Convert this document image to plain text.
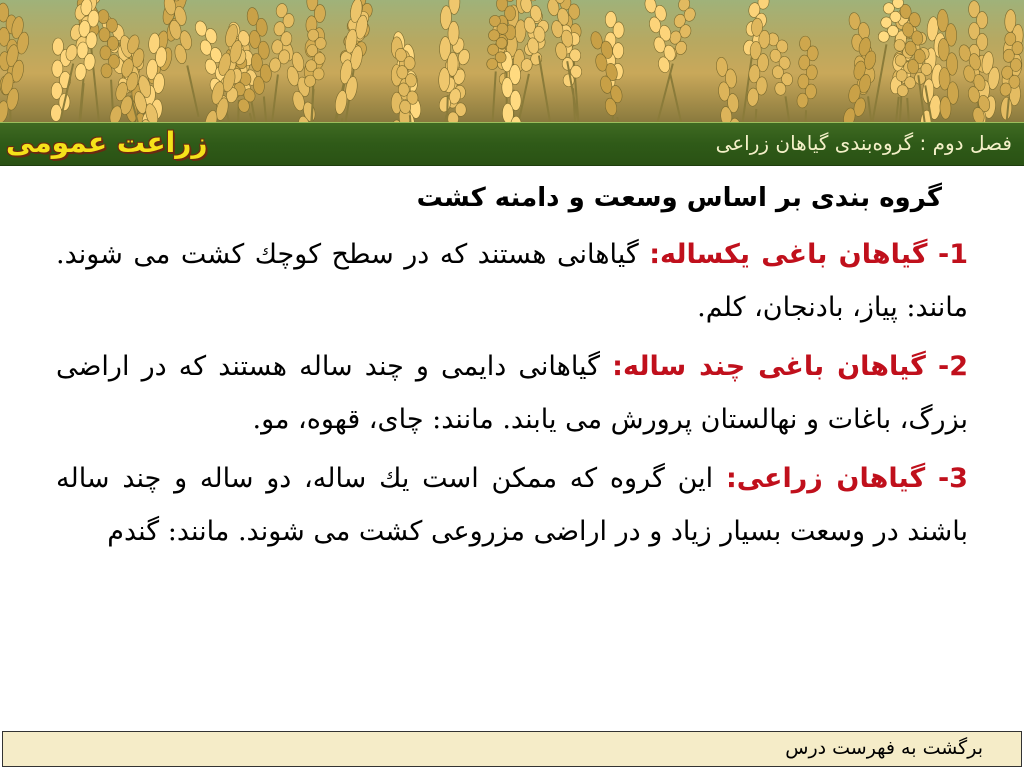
زراعت عمومی	فصل دوم : گروه‌بندی گیاهان زراعی
گروه بندی بر اساس وسعت و دامنه کشت
1- گیاهان باغی یکساله: گیاهانی هستند که در سطح كوچك كشت می شوند. مانند: پیاز، بادنجان، كلم.
2- گیاهان باغی چند ساله: گیاهانی دایمی و چند ساله هستند كه در اراضی بزرگ، باغات و نهالستان پرورش می یابند. مانند: چای، قهوه، مو.
3- گیاهان زراعی: این گروه كه ممكن است یك ساله، دو ساله و چند ساله باشند در وسعت بسیار زیاد و در اراضی مزروعی كشت می شوند. مانند: گندم
برگشت به فهرست درس
